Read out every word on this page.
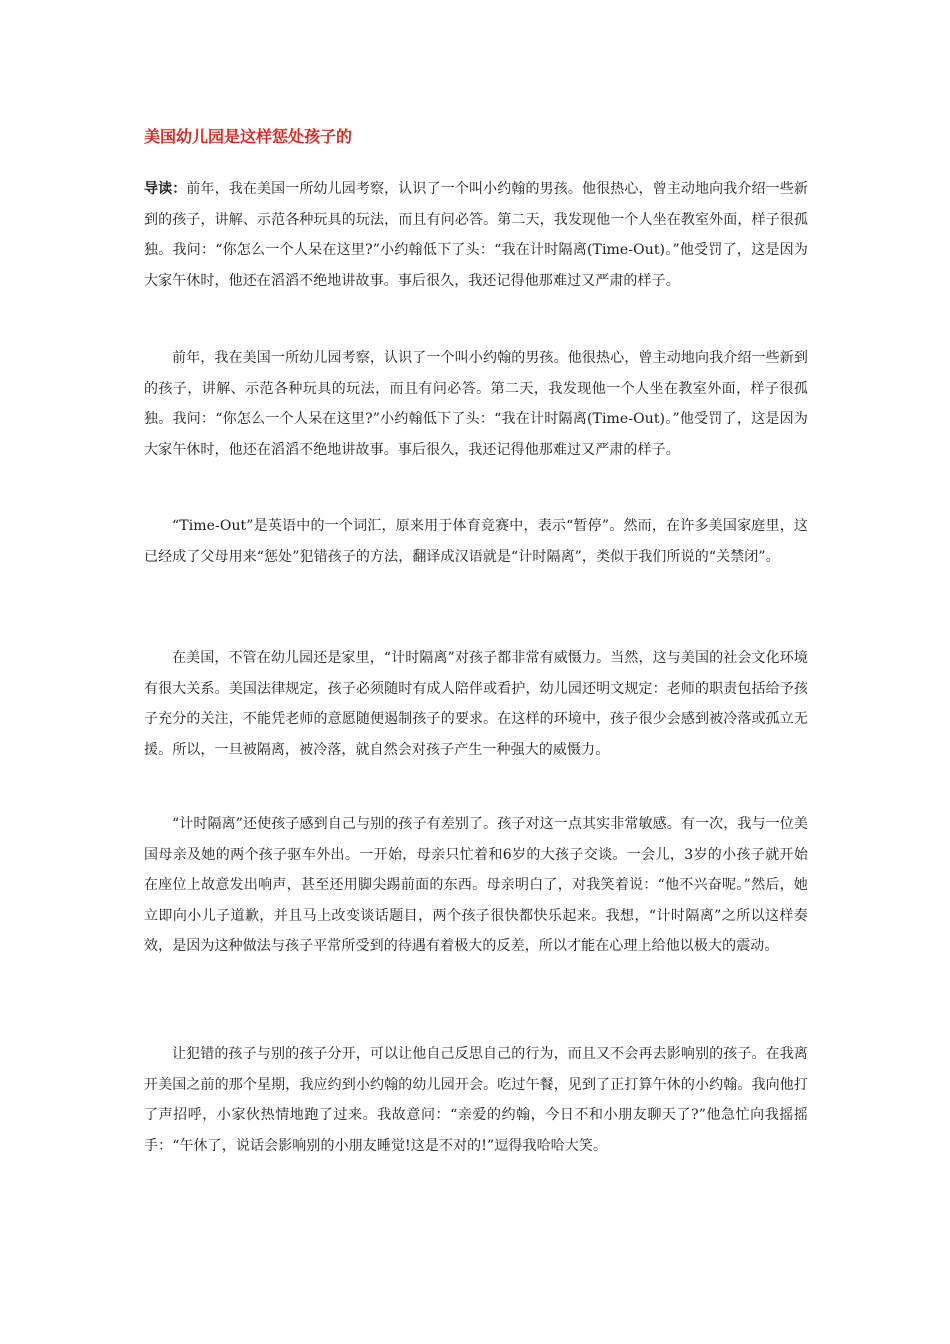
美国幼儿园是这样惩处孩子的

导读：前年，我在美国一所幼儿园考察，认识了一个叫小约翰的男孩。他很热心，曾主动地向我介绍一些新到的孩子，讲解、示范各种玩具的玩法，而且有问必答。第二天，我发现他一个人坐在教室外面，样子很孤独。我问：“你怎么一个人呆在这里?”小约翰低下了头：“我在计时隔离(Time-Out)。”他受罚了，这是因为大家午休时，他还在滔滔不绝地讲故事。事后很久，我还记得他那难过又严肃的样子。

前年，我在美国一所幼儿园考察，认识了一个叫小约翰的男孩。他很热心，曾主动地向我介绍一些新到的孩子，讲解、示范各种玩具的玩法，而且有问必答。第二天，我发现他一个人坐在教室外面，样子很孤独。我问：“你怎么一个人呆在这里?”小约翰低下了头：“我在计时隔离(Time-Out)。”他受罚了，这是因为大家午休时，他还在滔滔不绝地讲故事。事后很久，我还记得他那难过又严肃的样子。

“Time-Out”是英语中的一个词汇，原来用于体育竞赛中，表示“暂停”。然而，在许多美国家庭里，这已经成了父母用来“惩处”犯错孩子的方法，翻译成汉语就是“计时隔离”，类似于我们所说的“关禁闭”。

在美国，不管在幼儿园还是家里，“计时隔离”对孩子都非常有威慑力。当然，这与美国的社会文化环境有很大关系。美国法律规定，孩子必须随时有成人陪伴或看护，幼儿园还明文规定：老师的职责包括给予孩子充分的关注，不能凭老师的意愿随便遏制孩子的要求。在这样的环境中，孩子很少会感到被冷落或孤立无援。所以，一旦被隔离，被冷落，就自然会对孩子产生一种强大的威慑力。

“计时隔离”还使孩子感到自己与别的孩子有差别了。孩子对这一点其实非常敏感。有一次，我与一位美国母亲及她的两个孩子驱车外出。一开始，母亲只忙着和6岁的大孩子交谈。一会儿，3岁的小孩子就开始在座位上故意发出响声，甚至还用脚尖踢前面的东西。母亲明白了，对我笑着说：“他不兴奋呢。”然后，她立即向小儿子道歉，并且马上改变谈话题目，两个孩子很快都快乐起来。我想，“计时隔离”之所以这样奏效，是因为这种做法与孩子平常所受到的待遇有着极大的反差，所以才能在心理上给他以极大的震动。

让犯错的孩子与别的孩子分开，可以让他自己反思自己的行为，而且又不会再去影响别的孩子。在我离开美国之前的那个星期，我应约到小约翰的幼儿园开会。吃过午餐，见到了正打算午休的小约翰。我向他打了声招呼，小家伙热情地跑了过来。我故意问：“亲爱的约翰，今日不和小朋友聊天了?”他急忙向我摇摇手：“午休了，说话会影响别的小朋友睡觉!这是不对的!”逗得我哈哈大笑。
